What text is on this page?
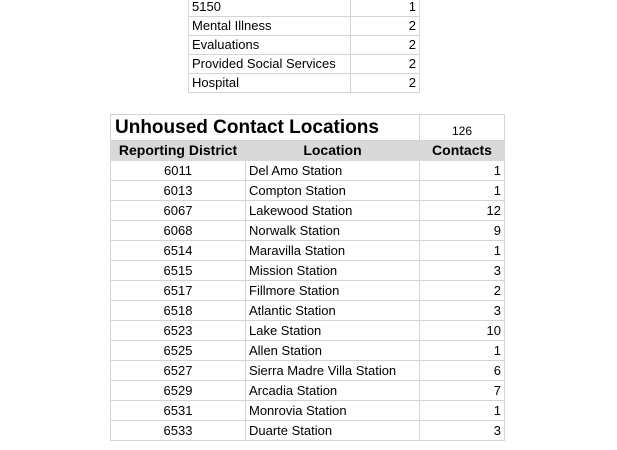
5150	1
Mental Illness	2
Evaluations	2
Provided Social Services	2
Hospital	2
Unhoused Contact Locations		126
Reporting District	Location	Contacts
6011	Del Amo Station	1
6013	Compton Station	1
6067	Lakewood Station	12
6068	Norwalk Station	9
6514	Maravilla Station	1
6515	Mission Station	3
6517	Fillmore Station	2
6518	Atlantic Station	3
6523	Lake Station	10
6525	Allen Station	1
6527	Sierra Madre Villa Station	6
6529	Arcadia Station	7
6531	Monrovia Station	1
6533	Duarte Station	3
